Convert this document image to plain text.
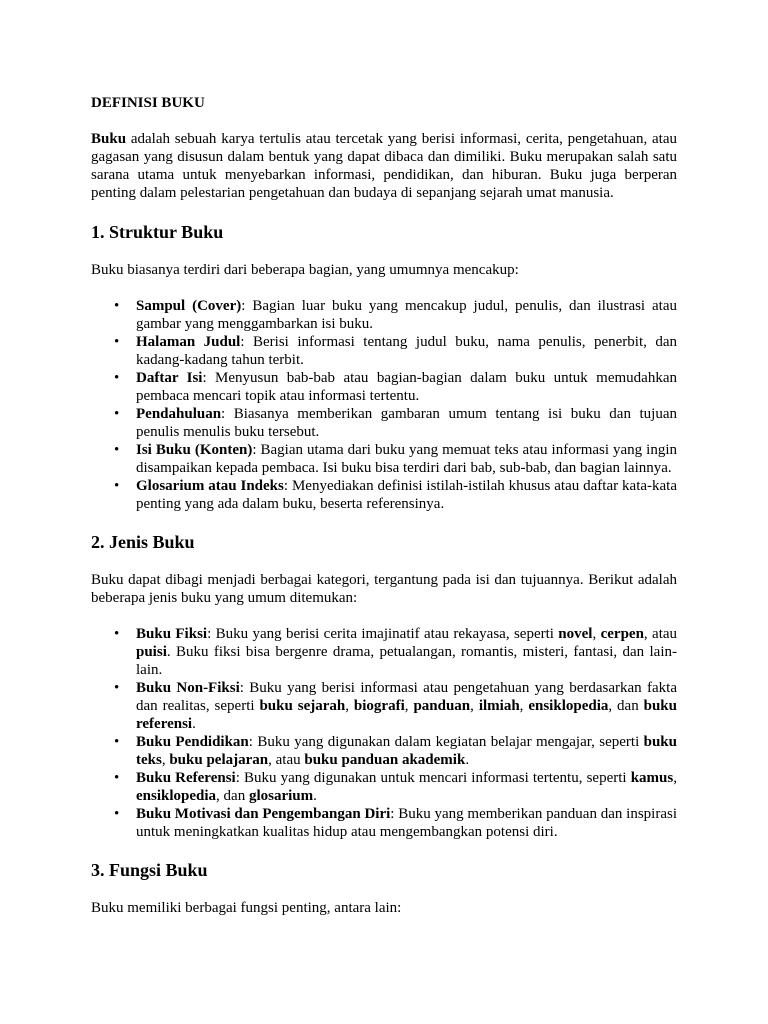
DEFINISI BUKU

Buku adalah sebuah karya tertulis atau tercetak yang berisi informasi, cerita, pengetahuan, atau gagasan yang disusun dalam bentuk yang dapat dibaca dan dimiliki. Buku merupakan salah satu sarana utama untuk menyebarkan informasi, pendidikan, dan hiburan. Buku juga berperan penting dalam pelestarian pengetahuan dan budaya di sepanjang sejarah umat manusia.

1. Struktur Buku

Buku biasanya terdiri dari beberapa bagian, yang umumnya mencakup:

• Sampul (Cover): Bagian luar buku yang mencakup judul, penulis, dan ilustrasi atau gambar yang menggambarkan isi buku.
• Halaman Judul: Berisi informasi tentang judul buku, nama penulis, penerbit, dan kadang-kadang tahun terbit.
• Daftar Isi: Menyusun bab-bab atau bagian-bagian dalam buku untuk memudahkan pembaca mencari topik atau informasi tertentu.
• Pendahuluan: Biasanya memberikan gambaran umum tentang isi buku dan tujuan penulis menulis buku tersebut.
• Isi Buku (Konten): Bagian utama dari buku yang memuat teks atau informasi yang ingin disampaikan kepada pembaca. Isi buku bisa terdiri dari bab, sub-bab, dan bagian lainnya.
• Glosarium atau Indeks: Menyediakan definisi istilah-istilah khusus atau daftar kata-kata penting yang ada dalam buku, beserta referensinya.
2. Jenis Buku

Buku dapat dibagi menjadi berbagai kategori, tergantung pada isi dan tujuannya. Berikut adalah beberapa jenis buku yang umum ditemukan:

• Buku Fiksi: Buku yang berisi cerita imajinatif atau rekayasa, seperti novel, cerpen, atau puisi. Buku fiksi bisa bergenre drama, petualangan, romantis, misteri, fantasi, dan lain-lain.
• Buku Non-Fiksi: Buku yang berisi informasi atau pengetahuan yang berdasarkan fakta dan realitas, seperti buku sejarah, biografi, panduan, ilmiah, ensiklopedia, dan buku referensi.
• Buku Pendidikan: Buku yang digunakan dalam kegiatan belajar mengajar, seperti buku teks, buku pelajaran, atau buku panduan akademik.
• Buku Referensi: Buku yang digunakan untuk mencari informasi tertentu, seperti kamus, ensiklopedia, dan glosarium.
• Buku Motivasi dan Pengembangan Diri: Buku yang memberikan panduan dan inspirasi untuk meningkatkan kualitas hidup atau mengembangkan potensi diri.
3. Fungsi Buku

Buku memiliki berbagai fungsi penting, antara lain:
